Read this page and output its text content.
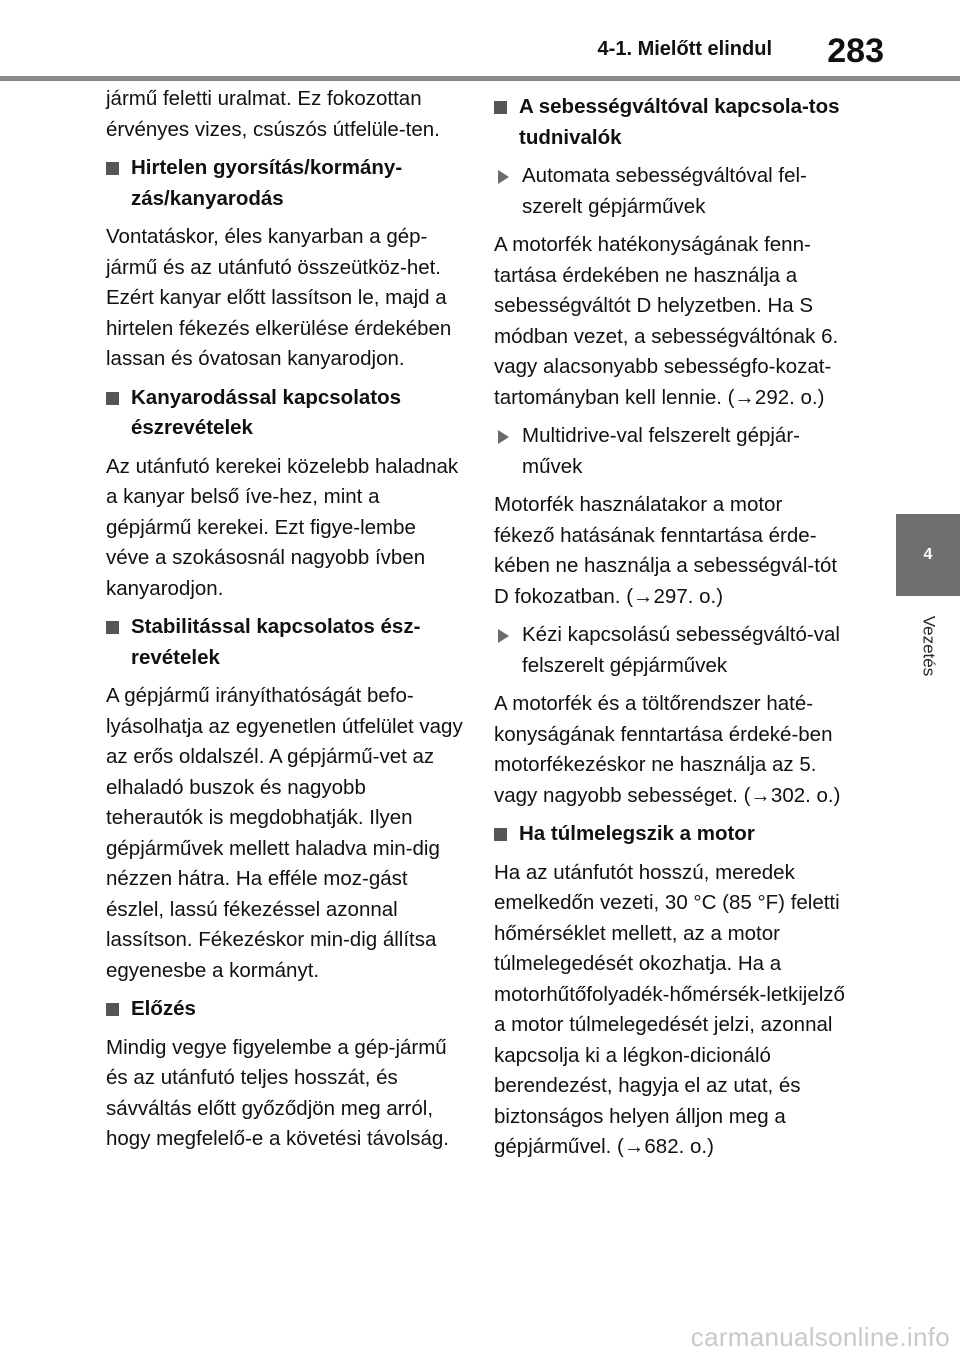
4-1. Mielőtt elindul 283
4
Vezetés

jármű feletti uralmat. Ez fokozottan érvényes vizes, csúszós útfelüle-ten.

Hirtelen gyorsítás/kormány-zás/kanyarodás

Vontatáskor, éles kanyarban a gép-jármű és az utánfutó összeütköz-het. Ezért kanyar előtt lassítson le, majd a hirtelen fékezés elkerülése érdekében lassan és óvatosan kanyarodjon.

Kanyarodással kapcsolatos észrevételek

Az utánfutó kerekei közelebb haladnak a kanyar belső íve-hez, mint a gépjármű kerekei. Ezt figye-lembe véve a szokásosnál nagyobb ívben kanyarodjon.

Stabilitással kapcsolatos ész-revételek

A gépjármű irányíthatóságát befo-lyásolhatja az egyenetlen útfelület vagy az erős oldalszél. A gépjármű-vet az elhaladó buszok és nagyobb teherautók is megdobhatják. Ilyen gépjárművek mellett haladva min-dig nézzen hátra. Ha efféle moz-gást észlel, lassú fékezéssel azonnal lassítson. Fékezéskor min-dig állítsa egyenesbe a kormányt.

Előzés

Mindig vegye figyelembe a gép-jármű és az utánfutó teljes hosszát, és sávváltás előtt győződjön meg arról, hogy megfelelő-e a követési távolság.

A sebességváltóval kapcsola-tos tudnivalók
Automata sebességváltóval fel-szerelt gépjárművek

A motorfék hatékonyságának fenn-tartása érdekében ne használja a sebességváltót D helyzetben. Ha S módban vezet, a sebességváltónak 6. vagy alacsonyabb sebességfo-kozat-tartományban kell lennie. (→292. o.)

Multidrive-val felszerelt gépjár-művek

Motorfék használatakor a motor fékező hatásának fenntartása érde-kében ne használja a sebességvál-tót D fokozatban. (→297. o.)

Kézi kapcsolású sebességváltó-val felszerelt gépjárművek

A motorfék és a töltőrendszer haté-konyságának fenntartása érdeké-ben motorfékezéskor ne használja az 5. vagy nagyobb sebességet. (→302. o.)

Ha túlmelegszik a motor

Ha az utánfutót hosszú, meredek emelkedőn vezeti, 30 °C (85 °F) feletti hőmérséklet mellett, az a motor túlmelegedését okozhatja. Ha a motorhűtőfolyadék-hőmérsék-letkijelző a motor túlmelegedését jelzi, azonnal kapcsolja ki a légkon-dicionáló berendezést, hagyja el az utat, és biztonságos helyen álljon meg a gépjárművel. (→682. o.)

carmanualsonline.info
